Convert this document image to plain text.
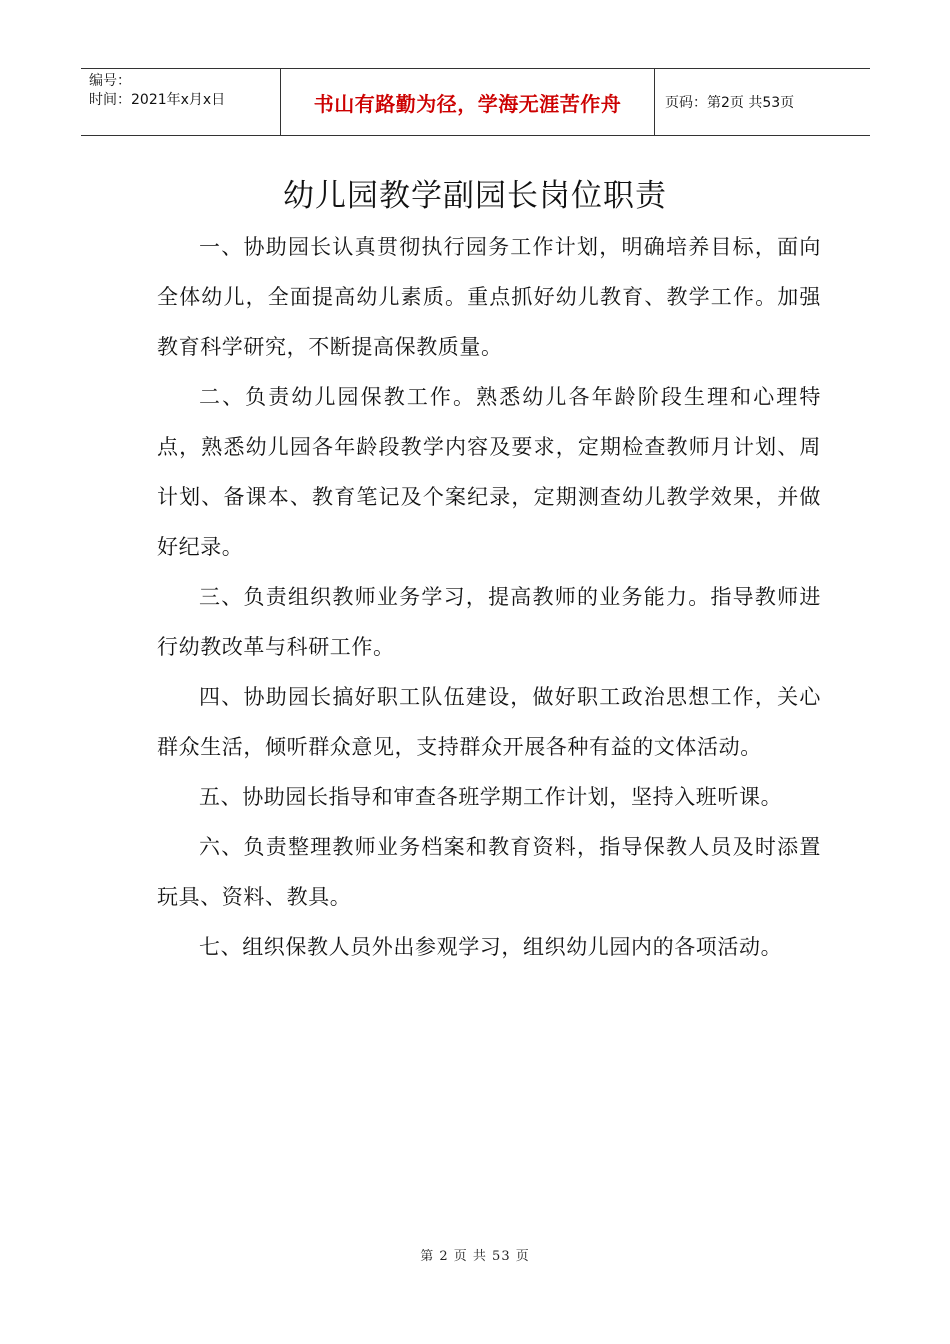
编号：
时间：2021年x月x日	书山有路勤为径，学海无涯苦作舟	页码：第2页 共53页
幼儿园教学副园长岗位职责

一、协助园长认真贯彻执行园务工作计划，明确培养目标，面向全体幼儿，全面提高幼儿素质。重点抓好幼儿教育、教学工作。加强教育科学研究，不断提高保教质量。

二、负责幼儿园保教工作。熟悉幼儿各年龄阶段生理和心理特点，熟悉幼儿园各年龄段教学内容及要求，定期检查教师月计划、周计划、备课本、教育笔记及个案纪录，定期测查幼儿教学效果，并做好纪录。

三、负责组织教师业务学习，提高教师的业务能力。指导教师进行幼教改革与科研工作。

四、协助园长搞好职工队伍建设，做好职工政治思想工作，关心群众生活，倾听群众意见，支持群众开展各种有益的文体活动。

五、协助园长指导和审查各班学期工作计划，坚持入班听课。

六、负责整理教师业务档案和教育资料，指导保教人员及时添置玩具、资料、教具。

七、组织保教人员外出参观学习，组织幼儿园内的各项活动。

第 2 页 共 53 页
